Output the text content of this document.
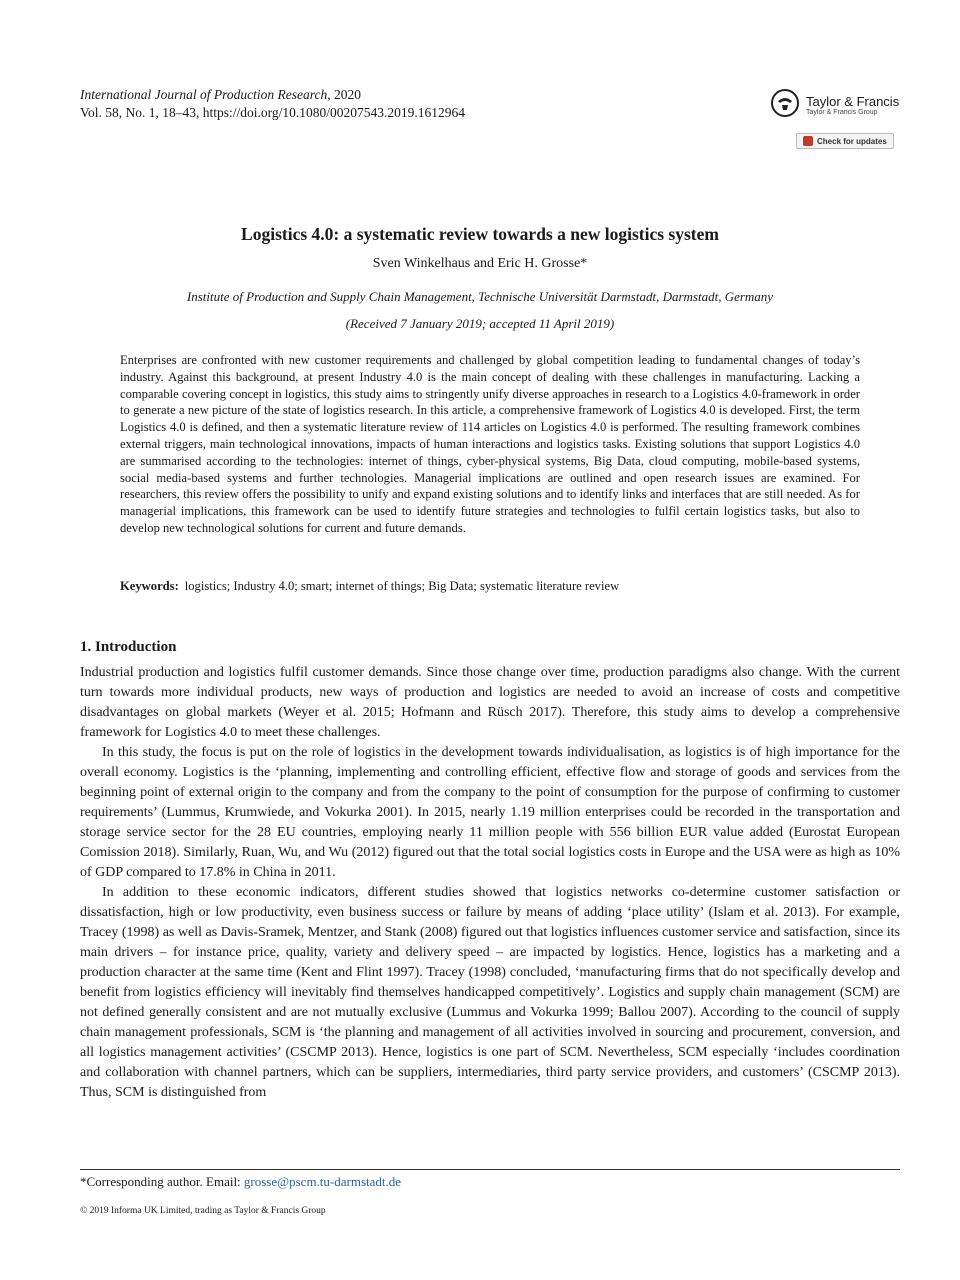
International Journal of Production Research, 2020
Vol. 58, No. 1, 18–43, https://doi.org/10.1080/00207543.2019.1612964
Taylor & Francis
Taylor & Francis Group
Check for updates
Logistics 4.0: a systematic review towards a new logistics system
Sven Winkelhaus and Eric H. Grosse*
Institute of Production and Supply Chain Management, Technische Universität Darmstadt, Darmstadt, Germany
(Received 7 January 2019; accepted 11 April 2019)
Enterprises are confronted with new customer requirements and challenged by global competition leading to fundamental changes of today’s industry. Against this background, at present Industry 4.0 is the main concept of dealing with these challenges in manufacturing. Lacking a comparable covering concept in logistics, this study aims to stringently unify diverse approaches in research to a Logistics 4.0-framework in order to generate a new picture of the state of logistics research. In this article, a comprehensive framework of Logistics 4.0 is developed. First, the term Logistics 4.0 is defined, and then a systematic literature review of 114 articles on Logistics 4.0 is performed. The resulting framework combines external triggers, main technological innovations, impacts of human interactions and logistics tasks. Existing solutions that support Logistics 4.0 are summarised according to the technologies: internet of things, cyber-physical systems, Big Data, cloud computing, mobile-based systems, social media-based systems and further technologies. Managerial implications are outlined and open research issues are examined. For researchers, this review offers the possibility to unify and expand existing solutions and to identify links and interfaces that are still needed. As for managerial implications, this framework can be used to identify future strategies and technologies to fulfil certain logistics tasks, but also to develop new technological solutions for current and future demands.
Keywords: logistics; Industry 4.0; smart; internet of things; Big Data; systematic literature review
1. Introduction

Industrial production and logistics fulfil customer demands. Since those change over time, production paradigms also change. With the current turn towards more individual products, new ways of production and logistics are needed to avoid an increase of costs and competitive disadvantages on global markets (Weyer et al. 2015; Hofmann and Rüsch 2017). Therefore, this study aims to develop a comprehensive framework for Logistics 4.0 to meet these challenges.

In this study, the focus is put on the role of logistics in the development towards individualisation, as logistics is of high importance for the overall economy. Logistics is the ‘planning, implementing and controlling efficient, effective flow and storage of goods and services from the beginning point of external origin to the company and from the company to the point of consumption for the purpose of confirming to customer requirements’ (Lummus, Krumwiede, and Vokurka 2001). In 2015, nearly 1.19 million enterprises could be recorded in the transportation and storage service sector for the 28 EU countries, employing nearly 11 million people with 556 billion EUR value added (Eurostat European Comission 2018). Similarly, Ruan, Wu, and Wu (2012) figured out that the total social logistics costs in Europe and the USA were as high as 10% of GDP compared to 17.8% in China in 2011.

In addition to these economic indicators, different studies showed that logistics networks co-determine customer satisfaction or dissatisfaction, high or low productivity, even business success or failure by means of adding ‘place utility’ (Islam et al. 2013). For example, Tracey (1998) as well as Davis-Sramek, Mentzer, and Stank (2008) figured out that logistics influences customer service and satisfaction, since its main drivers – for instance price, quality, variety and delivery speed – are impacted by logistics. Hence, logistics has a marketing and a production character at the same time (Kent and Flint 1997). Tracey (1998) concluded, ‘manufacturing firms that do not specifically develop and benefit from logistics efficiency will inevitably find themselves handicapped competitively’. Logistics and supply chain management (SCM) are not defined generally consistent and are not mutually exclusive (Lummus and Vokurka 1999; Ballou 2007). According to the council of supply chain management professionals, SCM is ‘the planning and management of all activities involved in sourcing and procurement, conversion, and all logistics management activities’ (CSCMP 2013). Hence, logistics is one part of SCM. Nevertheless, SCM especially ‘includes coordination and collaboration with channel partners, which can be suppliers, intermediaries, third party service providers, and customers’ (CSCMP 2013). Thus, SCM is distinguished from

*Corresponding author. Email: grosse@pscm.tu-darmstadt.de
© 2019 Informa UK Limited, trading as Taylor & Francis Group
